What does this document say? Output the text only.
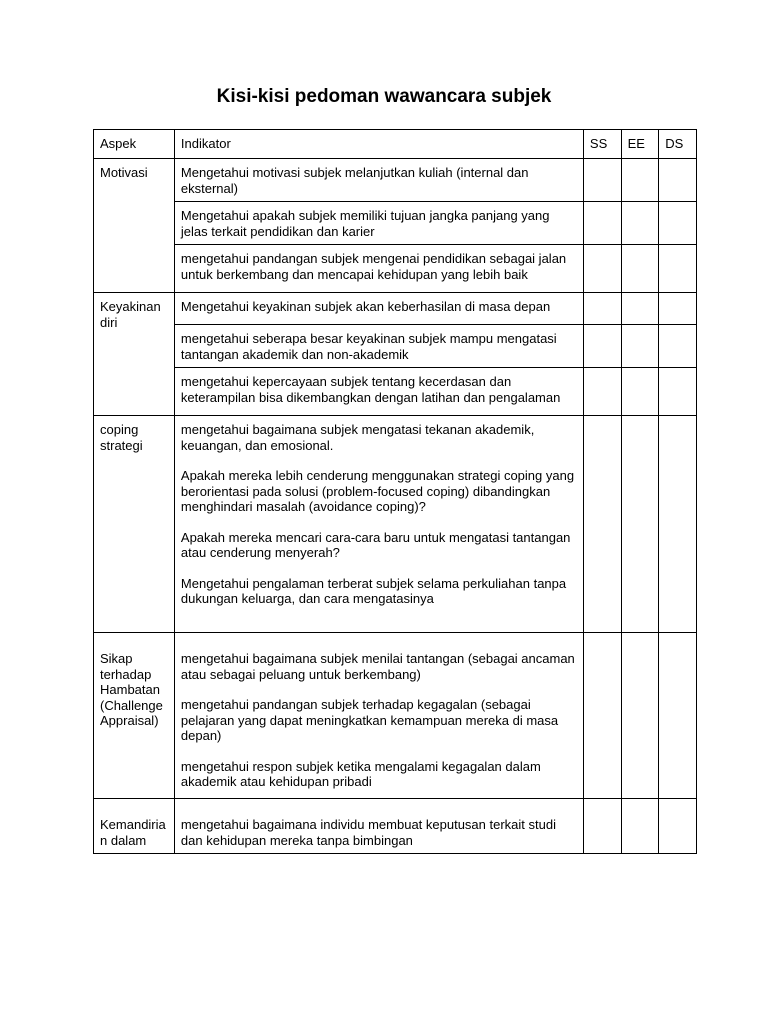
Kisi-kisi pedoman wawancara subjek
Aspek	Indikator	SS	EE	DS
Motivasi	Mengetahui motivasi subjek melanjutkan kuliah (internal dan eksternal)			

	Mengetahui apakah subjek memiliki tujuan jangka panjang yang jelas terkait pendidikan dan karier			

	mengetahui pandangan subjek mengenai pendidikan sebagai jalan untuk berkembang dan mencapai kehidupan yang lebih baik			

Keyakinan diri	Mengetahui keyakinan subjek akan keberhasilan di masa depan			

	mengetahui seberapa besar keyakinan subjek mampu mengatasi tantangan akademik dan non-akademik			

	mengetahui kepercayaan subjek tentang kecerdasan dan keterampilan bisa dikembangkan dengan latihan dan pengalaman			

coping strategi	mengetahui bagaimana subjek mengatasi tekanan akademik, keuangan, dan emosional.
Apakah mereka lebih cenderung menggunakan strategi coping yang berorientasi pada solusi (problem-focused coping) dibandingkan menghindari masalah (avoidance coping)?
Apakah mereka mencari cara-cara baru untuk mengatasi tantangan atau cenderung menyerah?
Mengetahui pengalaman terberat subjek selama perkuliahan tanpa dukungan keluarga, dan cara mengatasinya			

Sikap terhadap Hambatan (Challenge Appraisal)	mengetahui bagaimana subjek menilai tantangan (sebagai ancaman atau sebagai peluang untuk berkembang)
mengetahui pandangan subjek terhadap kegagalan (sebagai pelajaran yang dapat meningkatkan kemampuan mereka di masa depan)
mengetahui respon subjek ketika mengalami kegagalan dalam akademik atau kehidupan pribadi			

Kemandiria n dalam	mengetahui bagaimana individu membuat keputusan terkait studi dan kehidupan mereka tanpa bimbingan			
